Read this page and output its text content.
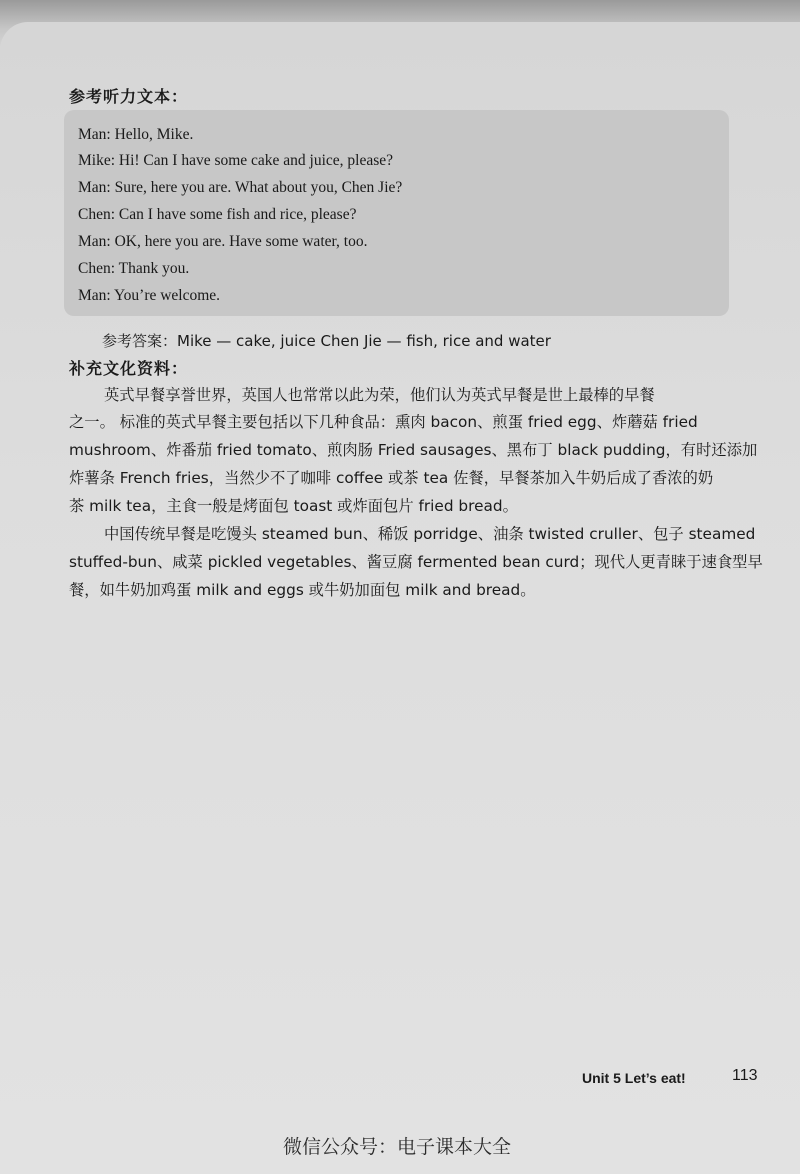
参考听力文本：
Man: Hello, Mike.
Mike: Hi! Can I have some cake and juice, please?
Man: Sure, here you are. What about you, Chen Jie?
Chen: Can I have some fish and rice, please?
Man: OK, here you are. Have some water, too.
Chen: Thank you.
Man: You’re welcome.
参考答案：Mike — cake, juice Chen Jie — fish, rice and water
补充文化资料：
英式早餐享誉世界，英国人也常常以此为荣，他们认为英式早餐是世上最棒的早餐
之一。 标准的英式早餐主要包括以下几种食品：熏肉 bacon、煎蛋 fried egg、炸蘑菇 fried
mushroom、炸番茄 fried tomato、煎肉肠 Fried sausages、黑布丁 black pudding，有时还添加
炸薯条 French fries，当然少不了咖啡 coffee 或茶 tea 佐餐，早餐茶加入牛奶后成了香浓的奶
茶 milk tea，主食一般是烤面包 toast 或炸面包片 fried bread。
中国传统早餐是吃馒头 steamed bun、稀饭 porridge、油条 twisted cruller、包子 steamed
stuffed-bun、咸菜 pickled vegetables、酱豆腐 fermented bean curd；现代人更青睐于速食型早
餐，如牛奶加鸡蛋 milk and eggs 或牛奶加面包 milk and bread。
Unit 5 Let’s eat!	113
微信公众号：电子课本大全
